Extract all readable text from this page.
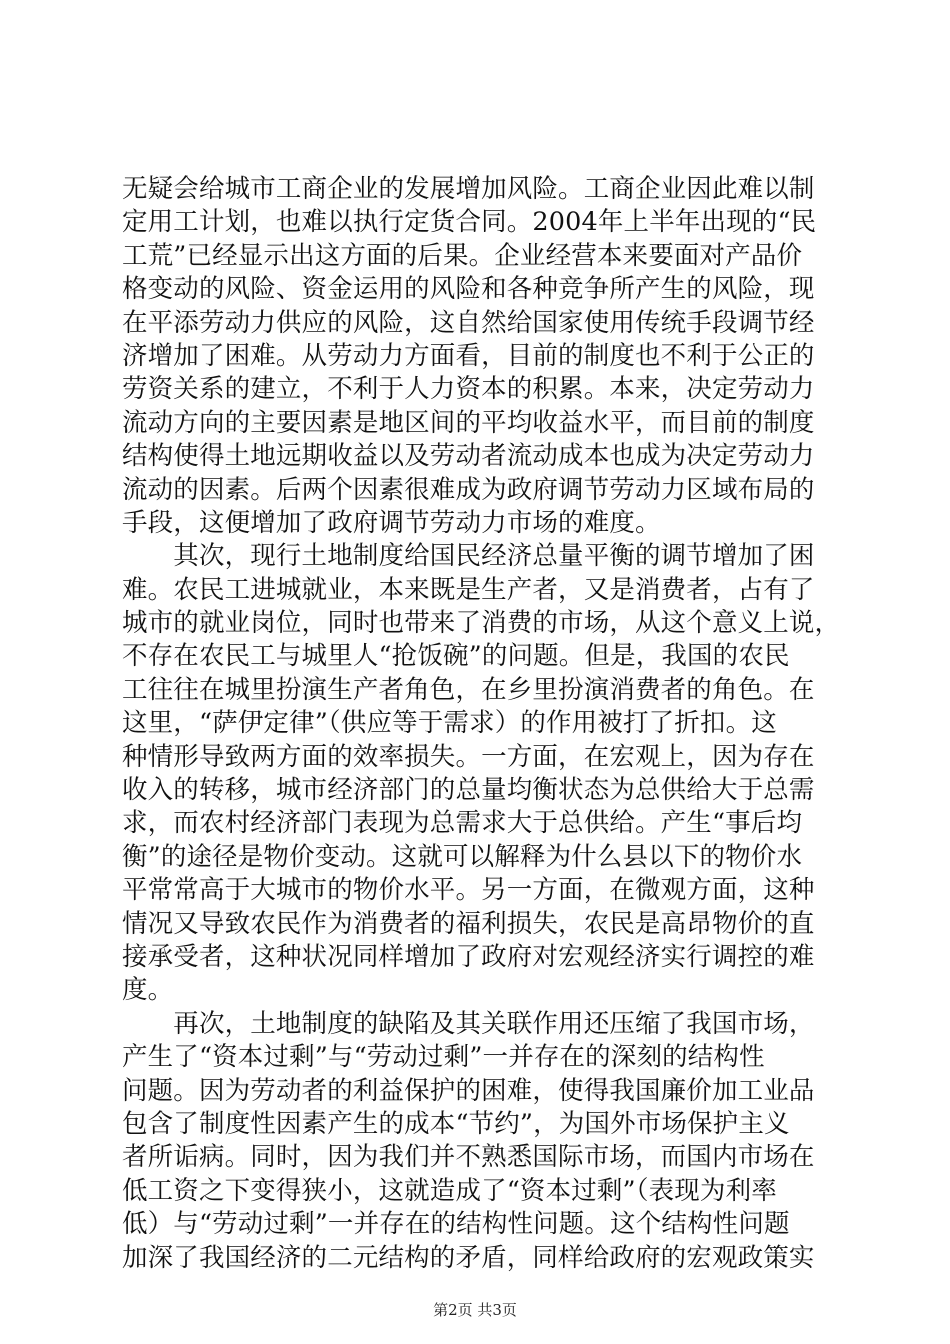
无疑会给城市工商企业的发展增加风险。工商企业因此难以制
定用工计划，也难以执行定货合同。2004年上半年出现的“民
工荒”已经显示出这方面的后果。企业经营本来要面对产品价
格变动的风险、资金运用的风险和各种竞争所产生的风险，现
在平添劳动力供应的风险，这自然给国家使用传统手段调节经
济增加了困难。从劳动力方面看，目前的制度也不利于公正的
劳资关系的建立，不利于人力资本的积累。本来，决定劳动力
流动方向的主要因素是地区间的平均收益水平，而目前的制度
结构使得土地远期收益以及劳动者流动成本也成为决定劳动力
流动的因素。后两个因素很难成为政府调节劳动力区域布局的
手段，这便增加了政府调节劳动力市场的难度。
　　其次，现行土地制度给国民经济总量平衡的调节增加了困
难。农民工进城就业，本来既是生产者，又是消费者，占有了
城市的就业岗位，同时也带来了消费的市场，从这个意义上说，
不存在农民工与城里人“抢饭碗”的问题。但是，我国的农民
工往往在城里扮演生产者角色，在乡里扮演消费者的角色。在
这里，“萨伊定律”（供应等于需求）的作用被打了折扣。这
种情形导致两方面的效率损失。一方面，在宏观上，因为存在
收入的转移，城市经济部门的总量均衡状态为总供给大于总需
求，而农村经济部门表现为总需求大于总供给。产生“事后均
衡”的途径是物价变动。这就可以解释为什么县以下的物价水
平常常高于大城市的物价水平。另一方面，在微观方面，这种
情况又导致农民作为消费者的福利损失，农民是高昂物价的直
接承受者，这种状况同样增加了政府对宏观经济实行调控的难
度。
　　再次，土地制度的缺陷及其关联作用还压缩了我国市场，
产生了“资本过剩”与“劳动过剩”一并存在的深刻的结构性
问题。因为劳动者的利益保护的困难，使得我国廉价加工业品
包含了制度性因素产生的成本“节约”，为国外市场保护主义
者所诟病。同时，因为我们并不熟悉国际市场，而国内市场在
低工资之下变得狭小，这就造成了“资本过剩”（表现为利率
低）与“劳动过剩”一并存在的结构性问题。这个结构性问题
加深了我国经济的二元结构的矛盾，同样给政府的宏观政策实
第2页 共3页
